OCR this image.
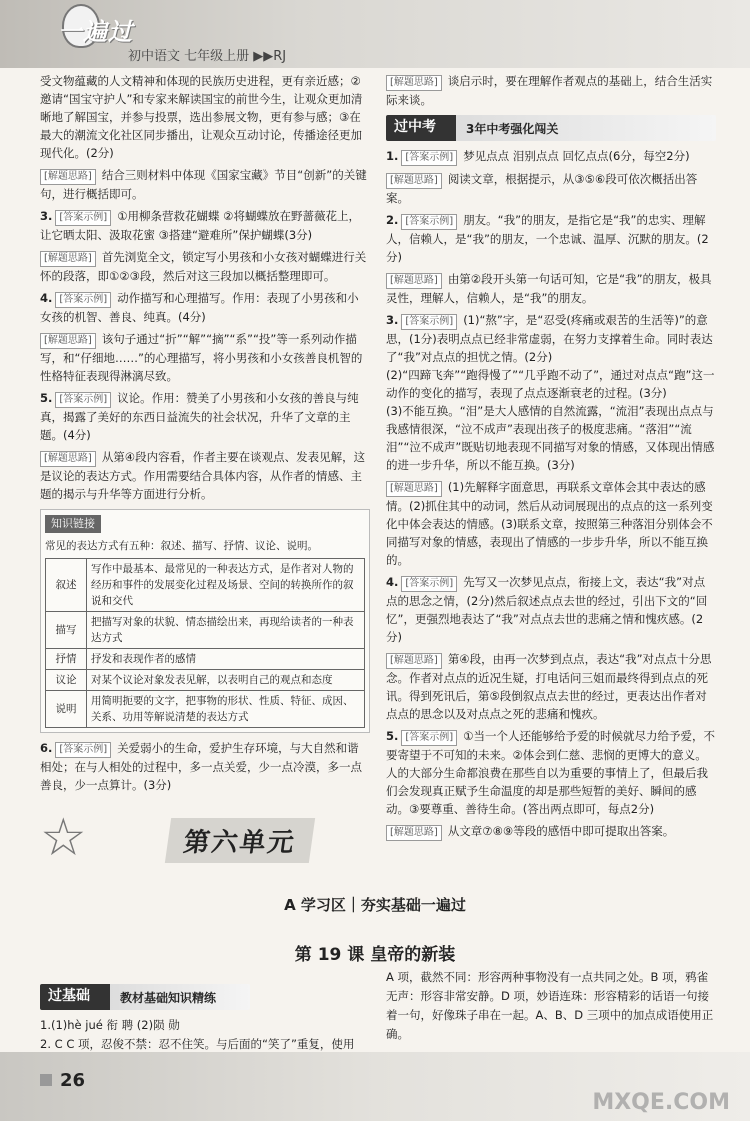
一遍过
初中语文 七年级上册 ▶▶RJ
受文物蕴藏的人文精神和体现的民族历史进程，更有亲近感；②邀请“国宝守护人”和专家来解读国宝的前世今生，让观众更加清晰地了解国宝，并参与投票，选出参展文物，更有参与感；③在最大的潮流文化社区同步播出，让观众互动讨论，传播途径更加现代化。(2分)
[解题思路] 结合三则材料中体现《国家宝藏》节目“创新”的关键句，进行概括即可。
3. [答案示例] ①用柳条营救花蝴蝶 ②将蝴蝶放在野蔷薇花上，让它晒太阳、汲取花蜜 ③搭建“避难所”保护蝴蝶(3分)
[解题思路] 首先浏览全文，锁定写小男孩和小女孩对蝴蝶进行关怀的段落，即①②③段，然后对这三段加以概括整理即可。
4. [答案示例] 动作描写和心理描写。作用：表现了小男孩和小女孩的机智、善良、纯真。(4分)
[解题思路] 该句子通过“折”“解”“摘”“系”“投”等一系列动作描写，和“仔细地……”的心理描写，将小男孩和小女孩善良机智的性格特征表现得淋漓尽致。
5. [答案示例] 议论。作用：赞美了小男孩和小女孩的善良与纯真，揭露了美好的东西日益流失的社会状况，升华了文章的主题。(4分)
[解题思路] 从第④段内容看，作者主要在谈观点、发表见解，这是议论的表达方式。作用需要结合具体内容，从作者的情感、主题的揭示与升华等方面进行分析。
知识链接
常见的表达方式有五种：叙述、描写、抒情、议论、说明。
叙述	写作中最基本、最常见的一种表达方式，是作者对人物的经历和事件的发展变化过程及场景、空间的转换所作的叙说和交代
描写	把描写对象的状貌、情态描绘出来，再现给读者的一种表达方式
抒情	抒发和表现作者的感情
议论	对某个议论对象发表见解，以表明自己的观点和态度
说明	用简明扼要的文字，把事物的形状、性质、特征、成因、关系、功用等解说清楚的表达方式
6. [答案示例] 关爱弱小的生命，爱护生存环境，与大自然和谐相处；在与人相处的过程中，多一点关爱，少一点冷漠，多一点善良，少一点算计。(3分)
[解题思路] 谈启示时，要在理解作者观点的基础上，结合生活实际来谈。
过中考	3年中考强化闯关
1. [答案示例] 梦见点点 泪别点点 回忆点点(6分，每空2分)
[解题思路] 阅读文章，根据提示，从③⑤⑥段可依次概括出答案。
2. [答案示例] 朋友。“我”的朋友，是指它是“我”的忠实、理解人，信赖人，是“我”的朋友，一个忠诚、温厚、沉默的朋友。(2分)
[解题思路] 由第②段开头第一句话可知，它是“我”的朋友，极具灵性，理解人，信赖人，是“我”的朋友。
3. [答案示例] (1)“熬”字，是“忍受(疼痛或艰苦的生活等)”的意思，(1分)表明点点已经非常虚弱，在努力支撑着生命。同时表达了“我”对点点的担忧之情。(2分)
(2)“四蹄飞奔”“跑得慢了”“几乎跑不动了”，通过对点点“跑”这一动作的变化的描写，表现了点点逐渐衰老的过程。(3分)
(3)不能互换。“泪”是大人感情的自然流露，“流泪”表现出点点与我感情很深，“泣不成声”表现出孩子的极度悲痛。“落泪”“流泪”“泣不成声”既贴切地表现不同描写对象的情感，又体现出情感的进一步升华，所以不能互换。(3分)
[解题思路] (1)先解释字面意思，再联系文章体会其中表达的感情。(2)抓住其中的动词，然后从动词展现出的点点的这一系列变化中体会表达的情感。(3)联系文章，按照第三种落泪分别体会不同描写对象的情感，表现出了情感的一步步升华，所以不能互换的。
4. [答案示例] 先写又一次梦见点点，衔接上文，表达“我”对点点的思念之情，(2分)然后叙述点点去世的经过，引出下文的“回忆”，更强烈地表达了“我”对点点去世的悲痛之情和愧疚感。(2分)
[解题思路] 第④段，由再一次梦到点点，表达“我”对点点十分思念。作者对点点的近况生疑，打电话问三姐而最终得到点点的死讯。得到死讯后，第⑤段倒叙点点去世的经过，更表达出作者对点点的思念以及对点点之死的悲痛和愧疚。
5. [答案示例] ①当一个人还能够给予爱的时候就尽力给予爱，不要寄望于不可知的未来。②体会到仁慈、悲悯的更博大的意义。人的大部分生命都浪费在那些自以为重要的事情上了，但最后我们会发现真正赋予生命温度的却是那些短暂的美好、瞬间的感动。③要尊重、善待生命。(答出两点即可，每点2分)
[解题思路] 从文章⑦⑧⑨等段的感悟中即可提取出答案。
☆	第六单元
A 学习区｜夯实基础一遍过
第 19 课 皇帝的新装
过基础	教材基础知识精练
1.(1)hè jué 衔 聘 (2)陨 勋
2. C C 项，忍俊不禁：忍不住笑。与后面的“笑了”重复，使用
A 项，截然不同：形容两种事物没有一点共同之处。B 项，鸦雀无声：形容非常安静。D 项，妙语连珠：形容精彩的话语一句接着一句，好像珠子串在一起。A、B、D 三项中的加点成语使用正确。
26
MXQE.COM
